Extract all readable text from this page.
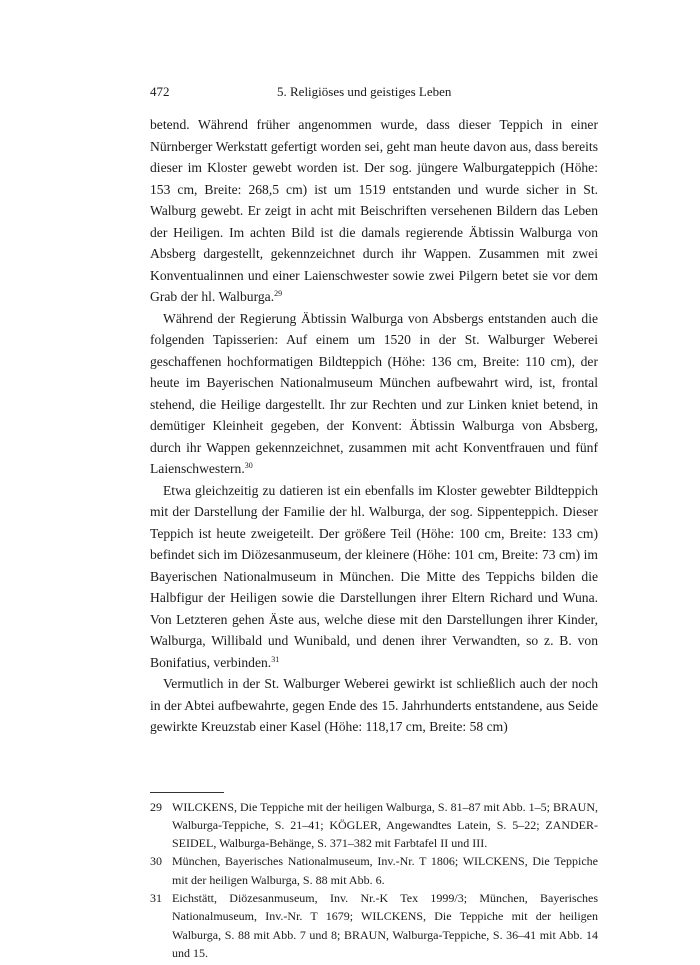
472	5. Religiöses und geistiges Leben

betend. Während früher angenommen wurde, dass dieser Teppich in einer Nürnberger Werkstatt gefertigt worden sei, geht man heute davon aus, dass bereits dieser im Kloster gewebt worden ist. Der sog. jüngere Walburgateppich (Höhe: 153 cm, Breite: 268,5 cm) ist um 1519 entstanden und wurde sicher in St. Walburg gewebt. Er zeigt in acht mit Beischriften versehenen Bildern das Leben der Heiligen. Im achten Bild ist die damals regierende Äbtissin Walburga von Absberg dargestellt, gekennzeichnet durch ihr Wappen. Zusammen mit zwei Konventualinnen und einer Laienschwester sowie zwei Pilgern betet sie vor dem Grab der hl. Walburga.$^{29}$

Während der Regierung Äbtissin Walburga von Absbergs entstanden auch die folgenden Tapisserien: Auf einem um 1520 in der St. Walburger Weberei geschaffenen hochformatigen Bildteppich (Höhe: 136 cm, Breite: 110 cm), der heute im Bayerischen Nationalmuseum München aufbewahrt wird, ist, frontal stehend, die Heilige dargestellt. Ihr zur Rechten und zur Linken kniet betend, in demütiger Kleinheit gegeben, der Konvent: Äbtissin Walburga von Absberg, durch ihr Wappen gekennzeichnet, zusammen mit acht Konventfrauen und fünf Laienschwestern.$^{30}$

Etwa gleichzeitig zu datieren ist ein ebenfalls im Kloster gewebter Bildteppich mit der Darstellung der Familie der hl. Walburga, der sog. Sippenteppich. Dieser Teppich ist heute zweigeteilt. Der größere Teil (Höhe: 100 cm, Breite: 133 cm) befindet sich im Diözesanmuseum, der kleinere (Höhe: 101 cm, Breite: 73 cm) im Bayerischen Nationalmuseum in München. Die Mitte des Teppichs bilden die Halbfigur der Heiligen sowie die Darstellungen ihrer Eltern Richard und Wuna. Von Letzteren gehen Äste aus, welche diese mit den Darstellungen ihrer Kinder, Walburga, Willibald und Wunibald, und denen ihrer Verwandten, so z. B. von Bonifatius, verbinden.$^{31}$

Vermutlich in der St. Walburger Weberei gewirkt ist schließlich auch der noch in der Abtei aufbewahrte, gegen Ende des 15. Jahrhunderts entstandene, aus Seide gewirkte Kreuzstab einer Kasel (Höhe: 118,17 cm, Breite: 58 cm)

29 WILCKENS, Die Teppiche mit der heiligen Walburga, S. 81–87 mit Abb. 1–5; BRAUN, Walburga-Teppiche, S. 21–41; KÖGLER, Angewandtes Latein, S. 5–22; ZANDER-SEIDEL, Walburga-Behänge, S. 371–382 mit Farbtafel II und III.

30 München, Bayerisches Nationalmuseum, Inv.-Nr. T 1806; WILCKENS, Die Teppiche mit der heiligen Walburga, S. 88 mit Abb. 6.

31 Eichstätt, Diözesanmuseum, Inv. Nr.-K Tex 1999/3; München, Bayerisches Nationalmuseum, Inv.-Nr. T 1679; WILCKENS, Die Teppiche mit der heiligen Walburga, S. 88 mit Abb. 7 und 8; BRAUN, Walburga-Teppiche, S. 36–41 mit Abb. 14 und 15.
